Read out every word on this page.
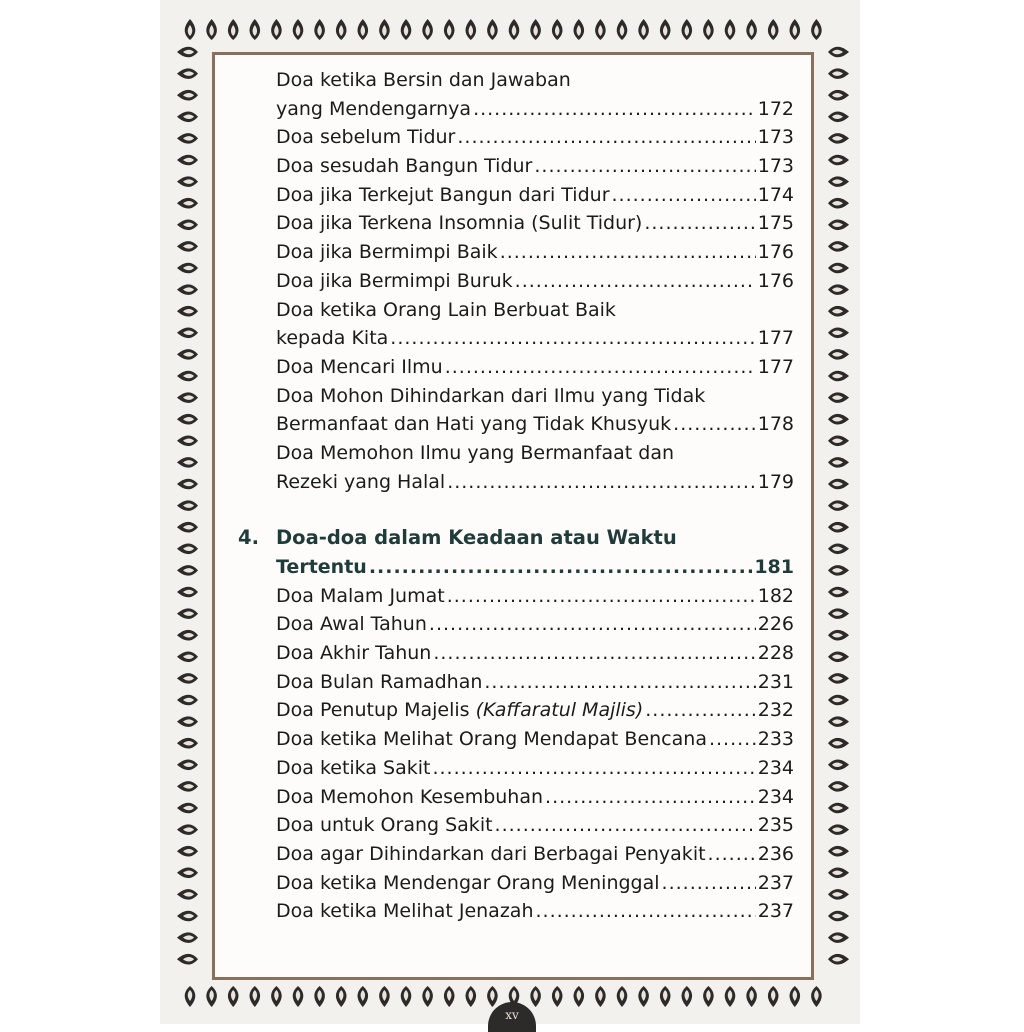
Doa ketika Bersin dan Jawaban
yang Mendengarnya .....	172
Doa sebelum Tidur .....	173
Doa sesudah Bangun Tidur .....	173
Doa jika Terkejut Bangun dari Tidur .....	174
Doa jika Terkena Insomnia (Sulit Tidur) .....	175
Doa jika Bermimpi Baik .....	176
Doa jika Bermimpi Buruk .....	176
Doa ketika Orang Lain Berbuat Baik
kepada Kita .....	177
Doa Mencari Ilmu .....	177
Doa Mohon Dihindarkan dari Ilmu yang Tidak
Bermanfaat dan Hati yang Tidak Khusyuk .....	178
Doa Memohon Ilmu yang Bermanfaat dan
Rezeki yang Halal .....	179
4. Doa-doa dalam Keadaan atau Waktu
Tertentu .....	181
Doa Malam Jumat .....	182
Doa Awal Tahun .....	226
Doa Akhir Tahun .....	228
Doa Bulan Ramadhan .....	231
Doa Penutup Majelis (Kaffaratul Majlis) .....	232
Doa ketika Melihat Orang Mendapat Bencana .....	233
Doa ketika Sakit .....	234
Doa Memohon Kesembuhan .....	234
Doa untuk Orang Sakit .....	235
Doa agar Dihindarkan dari Berbagai Penyakit .....	236
Doa ketika Mendengar Orang Meninggal .....	237
Doa ketika Melihat Jenazah .....	237
xv
